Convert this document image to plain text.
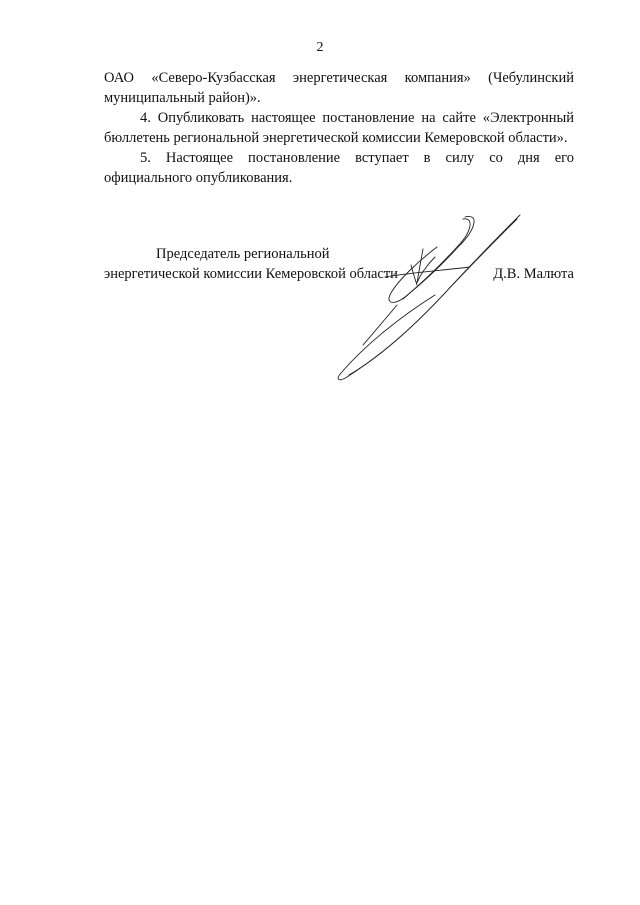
2

ОАО «Северо-Кузбасская энергетическая компания» (Чебулинский муниципальный район)».

4. Опубликовать настоящее постановление на сайте «Электронный бюллетень региональной энергетической комиссии Кемеровской области».

5. Настоящее постановление вступает в силу со дня его официального опубликования.

Председатель региональной
энергетической комиссии Кемеровской области	Д.В. Малюта
